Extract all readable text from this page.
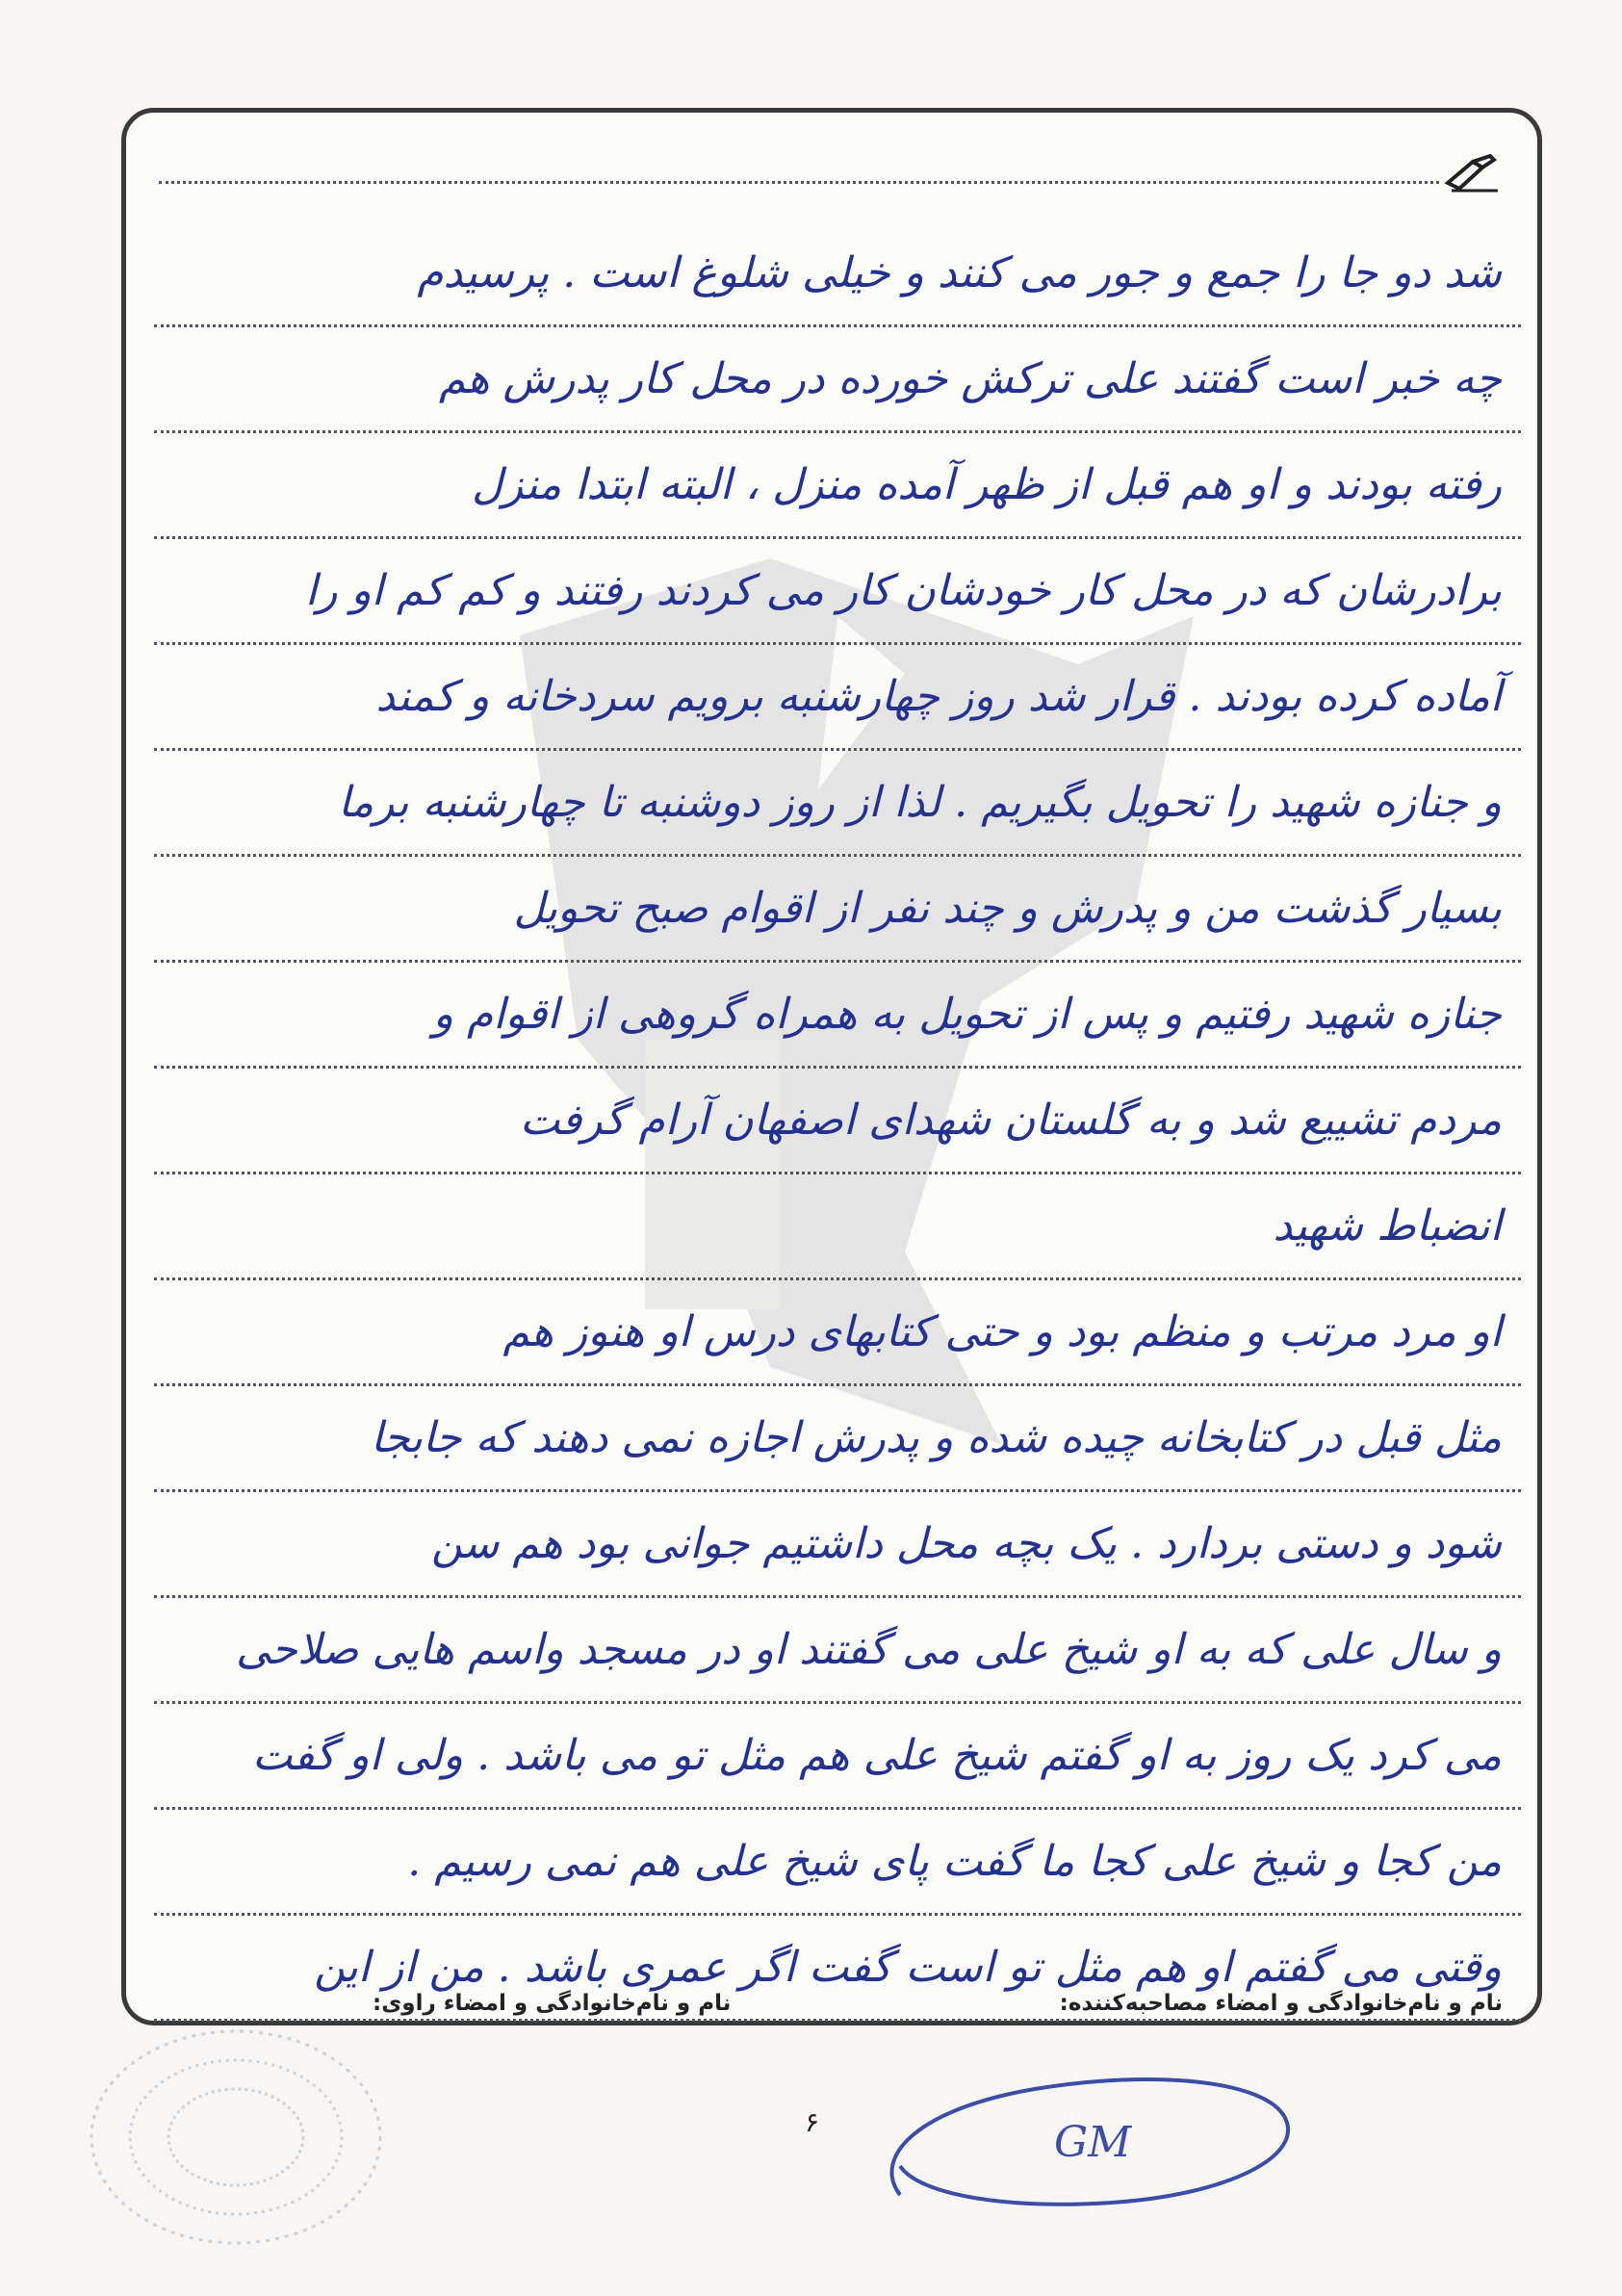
شد دو جا را جمع و جور می کنند و خیلی شلوغ است . پرسیدم
چه خبر است گفتند علی ترکش خورده در محل کار پدرش هم
رفته بودند و او هم قبل از ظهر آمده منزل ، البته ابتدا منزل
برادرشان که در محل کار خودشان کار می کردند رفتند و کم کم او را
آماده کرده بودند . قرار شد روز چهارشنبه برویم سردخانه و کمند
و جنازه شهید را تحویل بگیریم . لذا از روز دوشنبه تا چهارشنبه برما
بسیار گذشت من و پدرش و چند نفر از اقوام صبح تحویل
جنازه شهید رفتیم و پس از تحویل به همراه گروهی از اقوام و
مردم تشییع شد و به گلستان شهدای اصفهان آرام گرفت
انضباط شهید
او مرد مرتب و منظم بود و حتی کتابهای درس او هنوز هم
مثل قبل در کتابخانه چیده شده و پدرش اجازه نمی دهند که جابجا
شود و دستی بردارد . یک بچه محل داشتیم جوانی بود هم سن
و سال علی که به او شیخ علی می گفتند او در مسجد واسم هایی صلاحی
می کرد یک روز به او گفتم شیخ علی هم مثل تو می باشد . ولی او گفت
من کجا و شیخ علی کجا ما گفت پای شیخ علی هم نمی رسیم .
وقتی می گفتم او هم مثل تو است گفت اگر عمری باشد . من از این
نام و نام‌خانوادگی و امضاء مصاحبه‌کننده:
نام و نام‌خانوادگی و امضاء راوی:
۶	GM
